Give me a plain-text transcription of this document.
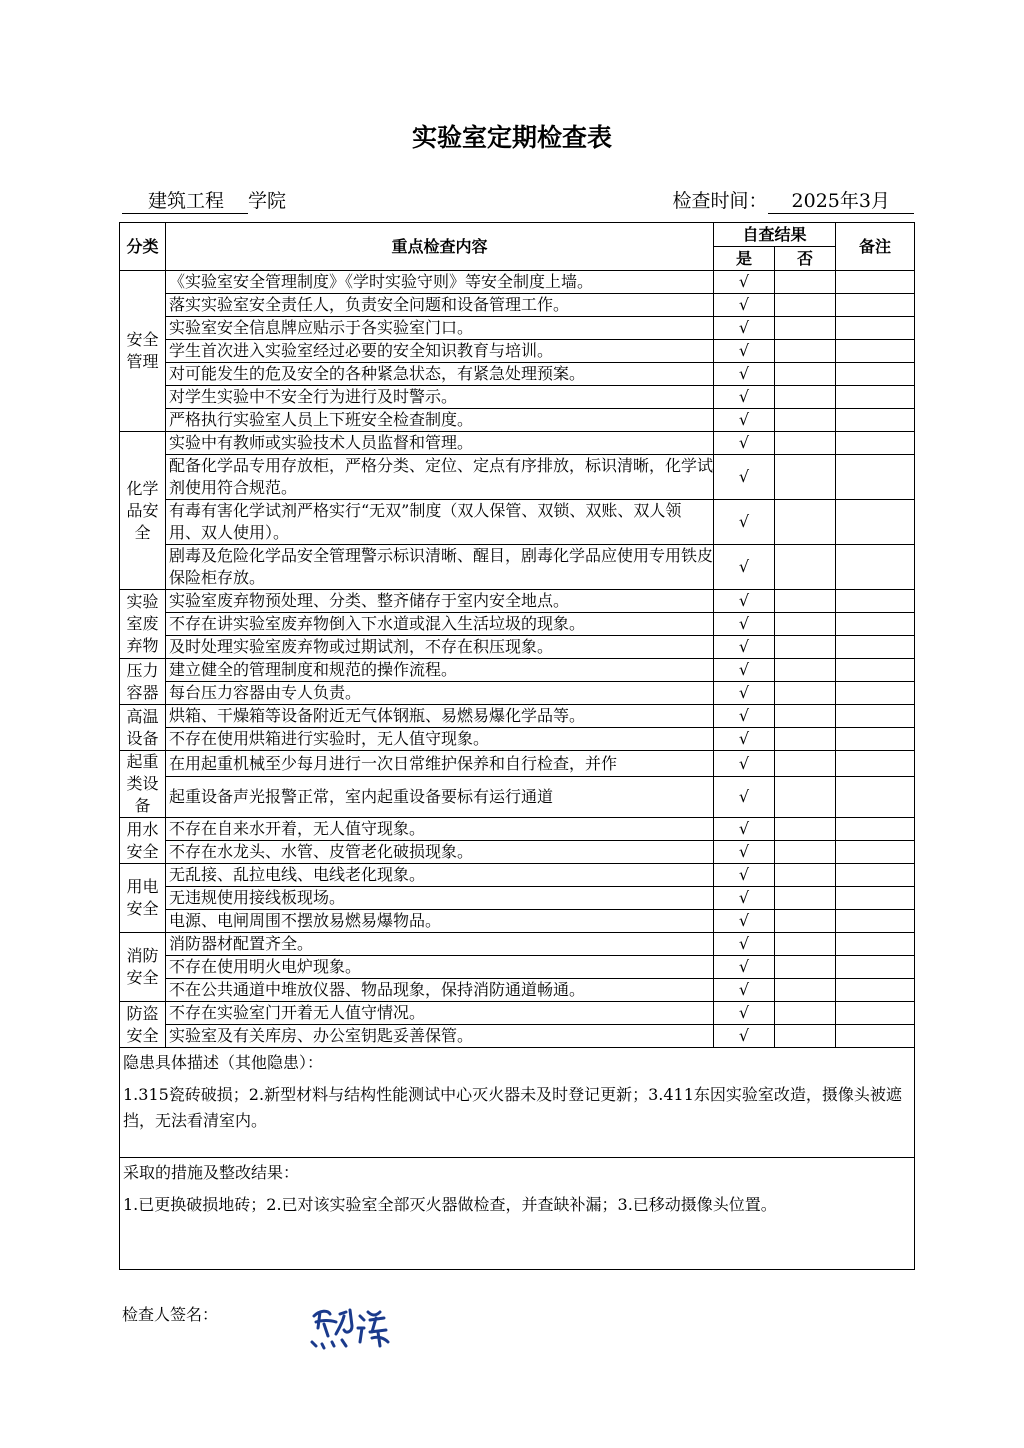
实验室定期检查表
建筑工程 学院	检查时间： 2025年3月
分类	重点检查内容	自查结果		备注
		是	否	
安全管理	《实验室安全管理制度》《学时实验守则》等安全制度上墙。	√		
	落实实验室安全责任人，负责安全问题和设备管理工作。	√		
	实验室安全信息牌应贴示于各实验室门口。	√		
	学生首次进入实验室经过必要的安全知识教育与培训。	√		
	对可能发生的危及安全的各种紧急状态，有紧急处理预案。	√		
	对学生实验中不安全行为进行及时警示。	√		
	严格执行实验室人员上下班安全检查制度。	√		
化学品安全	实验中有教师或实验技术人员监督和管理。	√		
	配备化学品专用存放柜，严格分类、定位、定点有序排放，标识清晰，化学试剂使用符合规范。	√		
	有毒有害化学试剂严格实行“无双”制度（双人保管、双锁、双账、双人领用、双人使用）。	√		
	剧毒及危险化学品安全管理警示标识清晰、醒目，剧毒化学品应使用专用铁皮保险柜存放。	√		
实验室废弃物	实验室废弃物预处理、分类、整齐储存于室内安全地点。	√		
	不存在讲实验室废弃物倒入下水道或混入生活垃圾的现象。	√		
	及时处理实验室废弃物或过期试剂，不存在积压现象。	√		
压力容器	建立健全的管理制度和规范的操作流程。	√		
	每台压力容器由专人负责。	√		
高温设备	烘箱、干燥箱等设备附近无气体钢瓶、易燃易爆化学品等。	√		
	不存在使用烘箱进行实验时，无人值守现象。	√		
起重类设备	在用起重机械至少每月进行一次日常维护保养和自行检查，并作	√		
	起重设备声光报警正常，室内起重设备要标有运行通道	√		
用水安全	不存在自来水开着，无人值守现象。	√		
	不存在水龙头、水管、皮管老化破损现象。	√		
用电安全	无乱接、乱拉电线、电线老化现象。	√		
	无违规使用接线板现场。	√		
	电源、电闸周围不摆放易燃易爆物品。	√		
消防安全	消防器材配置齐全。	√		
	不存在使用明火电炉现象。	√		
	不在公共通道中堆放仪器、物品现象，保持消防通道畅通。	√		
防盗安全	不存在实验室门开着无人值守情况。	√		
	实验室及有关库房、办公室钥匙妥善保管。	√		

隐患具体描述（其他隐患）：
1.315瓷砖破损；2.新型材料与结构性能测试中心灭火器未及时登记更新；3.411东因实验室改造，摄像头被遮挡，无法看清室内。				

采取的措施及整改结果：
1.已更换破损地砖；2.已对该实验室全部灭火器做检查，并查缺补漏；3.已移动摄像头位置。				
检查人签名：
